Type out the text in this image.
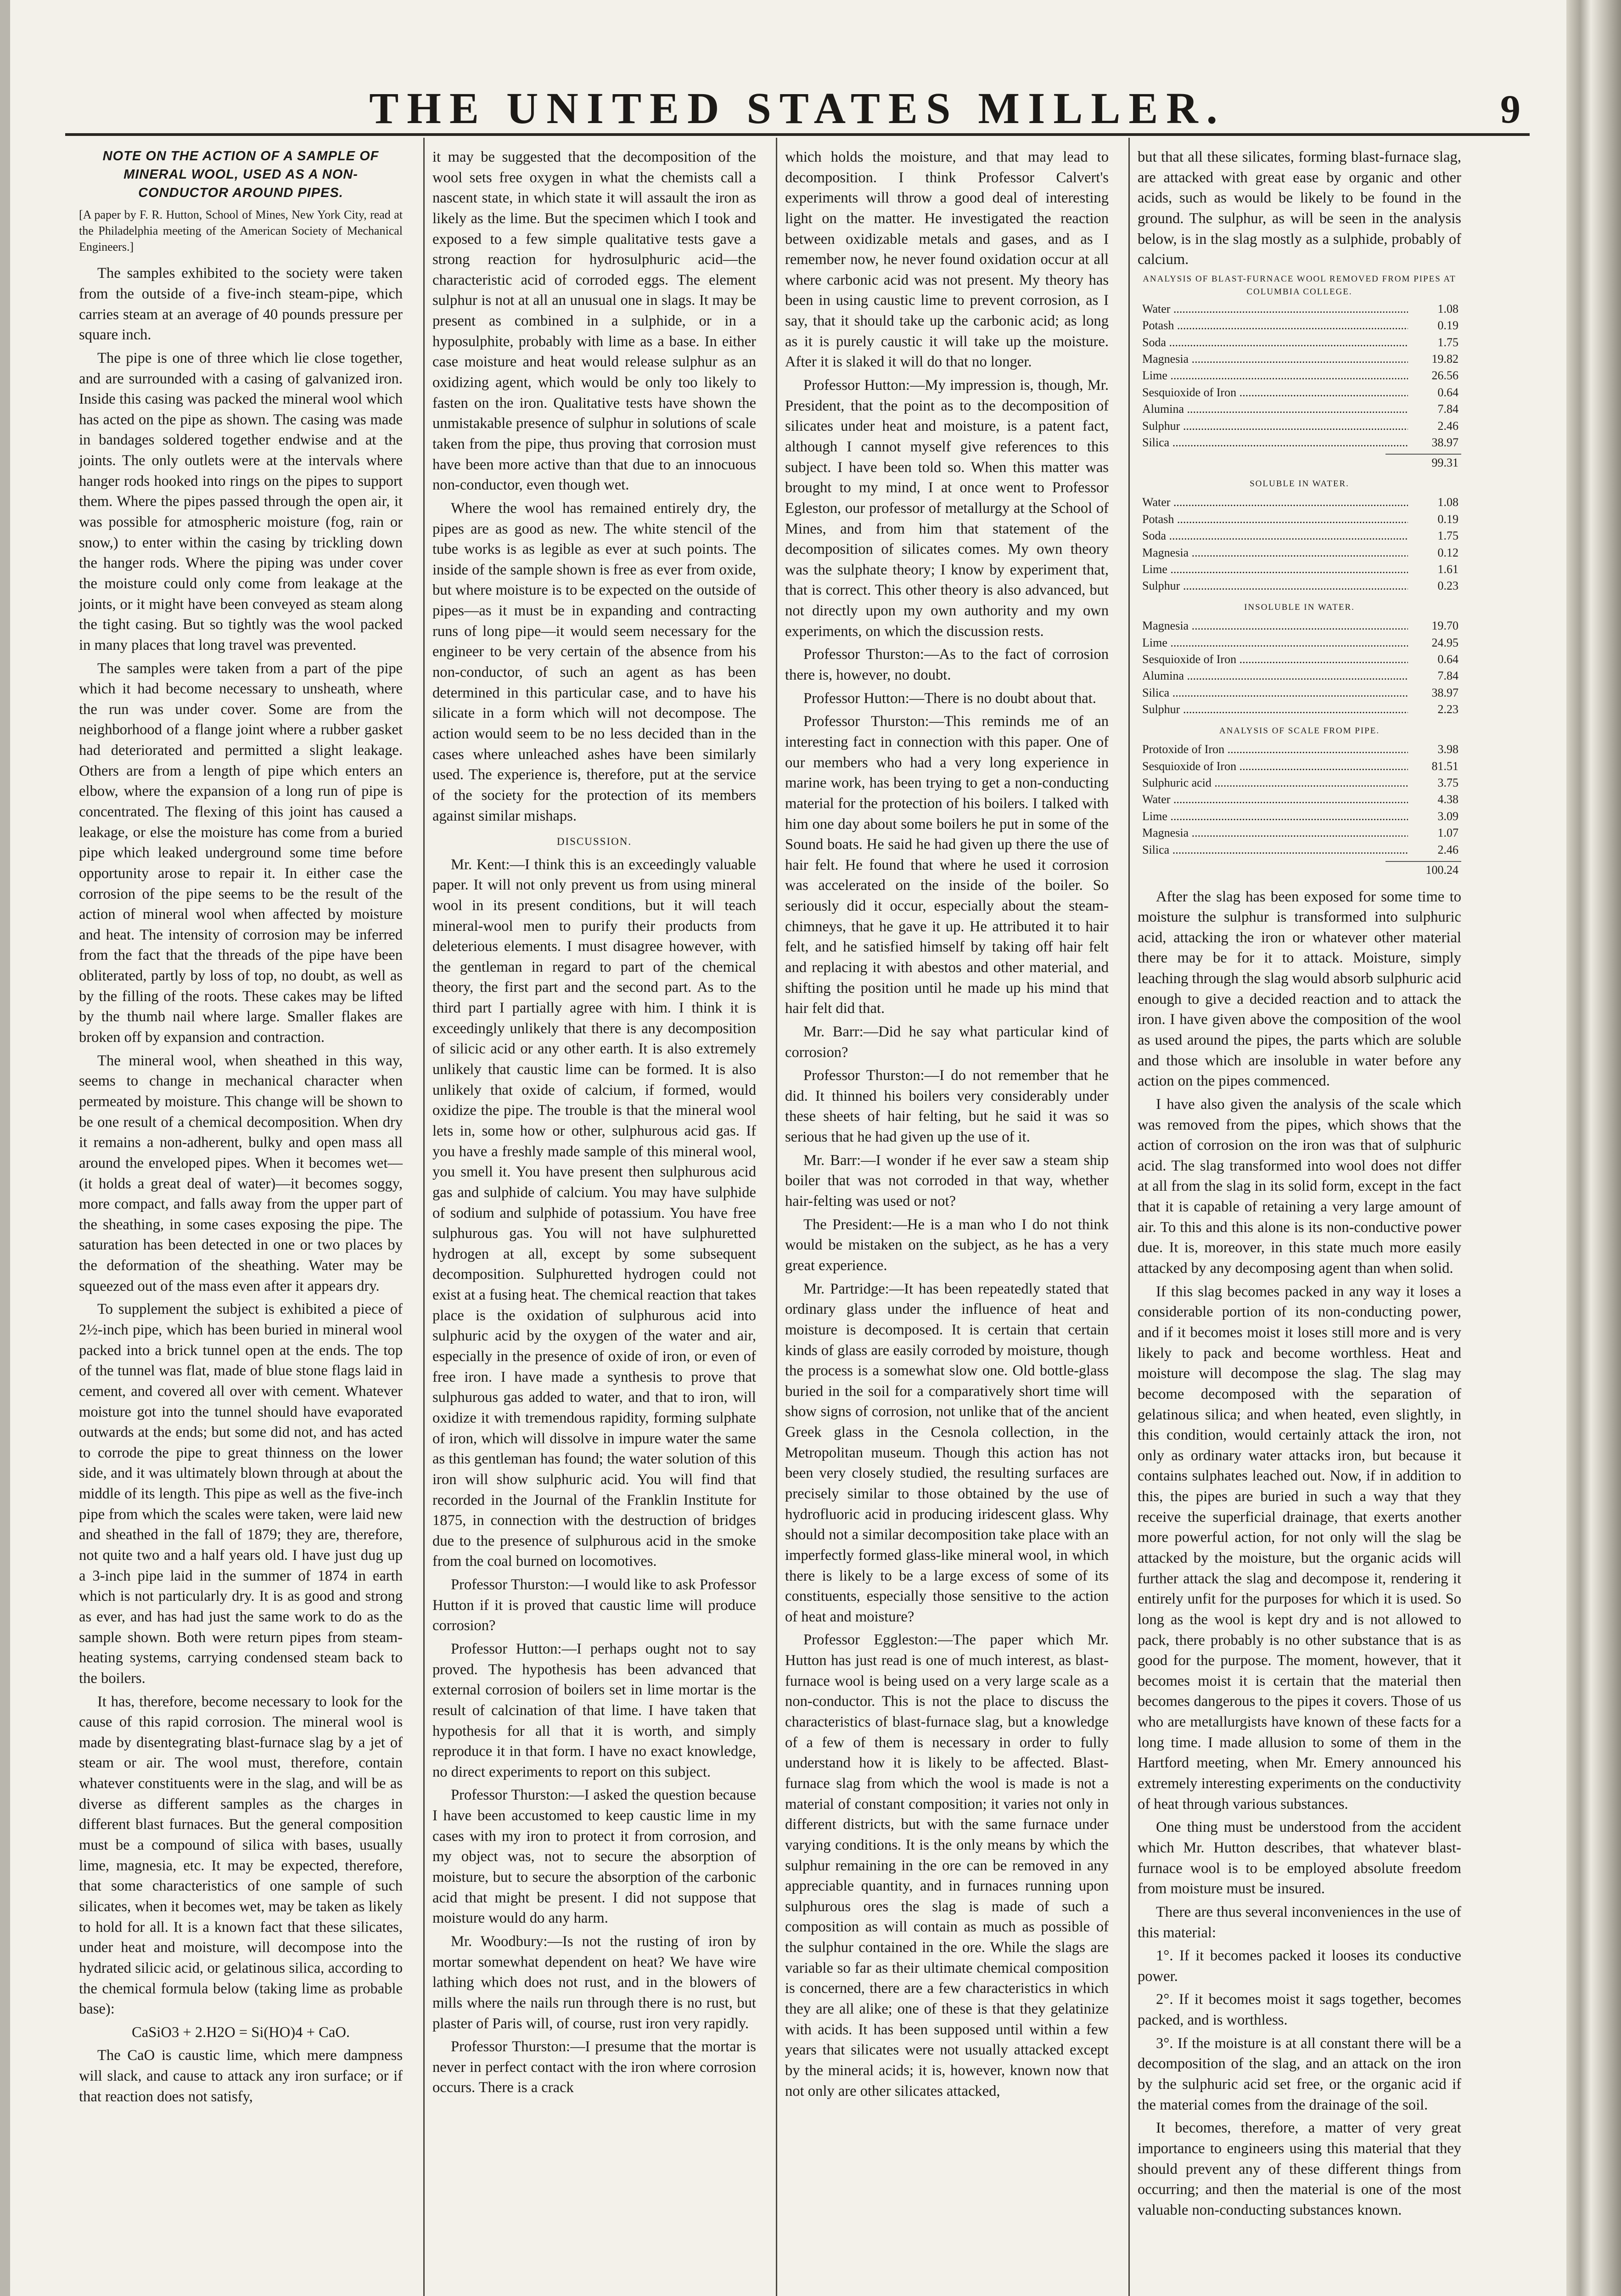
THE UNITED STATES MILLER.	9
NOTE ON THE ACTION OF A SAMPLE OF MINERAL WOOL, USED AS A NON-CONDUCTOR AROUND PIPES.
[A paper by F. R. Hutton, School of Mines, New York City, read at the Philadelphia meeting of the American Society of Mechanical Engineers.]

The samples exhibited to the society were taken from the outside of a five-inch steam-pipe, which carries steam at an average of 40 pounds pressure per square inch.

The pipe is one of three which lie close together, and are surrounded with a casing of galvanized iron. Inside this casing was packed the mineral wool which has acted on the pipe as shown. The casing was made in bandages soldered together endwise and at the joints. The only outlets were at the intervals where hanger rods hooked into rings on the pipes to support them. Where the pipes passed through the open air, it was possible for atmospheric moisture (fog, rain or snow,) to enter within the casing by trickling down the hanger rods. Where the piping was under cover the moisture could only come from leakage at the joints, or it might have been conveyed as steam along the tight casing. But so tightly was the wool packed in many places that long travel was prevented.

The samples were taken from a part of the pipe which it had become necessary to unsheath, where the run was under cover. Some are from the neighborhood of a flange joint where a rubber gasket had deteriorated and permitted a slight leakage. Others are from a length of pipe which enters an elbow, where the expansion of a long run of pipe is concentrated. The flexing of this joint has caused a leakage, or else the moisture has come from a buried pipe which leaked underground some time before opportunity arose to repair it. In either case the corrosion of the pipe seems to be the result of the action of mineral wool when affected by moisture and heat. The intensity of corrosion may be inferred from the fact that the threads of the pipe have been obliterated, partly by loss of top, no doubt, as well as by the filling of the roots. These cakes may be lifted by the thumb nail where large. Smaller flakes are broken off by expansion and contraction.

The mineral wool, when sheathed in this way, seems to change in mechanical character when permeated by moisture. This change will be shown to be one result of a chemical decomposition. When dry it remains a non-adherent, bulky and open mass all around the enveloped pipes. When it becomes wet—(it holds a great deal of water)—it becomes soggy, more compact, and falls away from the upper part of the sheathing, in some cases exposing the pipe. The saturation has been detected in one or two places by the deformation of the sheathing. Water may be squeezed out of the mass even after it appears dry.

To supplement the subject is exhibited a piece of 2½-inch pipe, which has been buried in mineral wool packed into a brick tunnel open at the ends. The top of the tunnel was flat, made of blue stone flags laid in cement, and covered all over with cement. Whatever moisture got into the tunnel should have evaporated outwards at the ends; but some did not, and has acted to corrode the pipe to great thinness on the lower side, and it was ultimately blown through at about the middle of its length. This pipe as well as the five-inch pipe from which the scales were taken, were laid new and sheathed in the fall of 1879; they are, therefore, not quite two and a half years old. I have just dug up a 3-inch pipe laid in the summer of 1874 in earth which is not particularly dry. It is as good and strong as ever, and has had just the same work to do as the sample shown. Both were return pipes from steam-heating systems, carrying condensed steam back to the boilers.

It has, therefore, become necessary to look for the cause of this rapid corrosion. The mineral wool is made by disentegrating blast-furnace slag by a jet of steam or air. The wool must, therefore, contain whatever constituents were in the slag, and will be as diverse as different samples as the charges in different blast furnaces. But the general composition must be a compound of silica with bases, usually lime, magnesia, etc. It may be expected, therefore, that some characteristics of one sample of such silicates, when it becomes wet, may be taken as likely to hold for all. It is a known fact that these silicates, under heat and moisture, will decompose into the hydrated silicic acid, or gelatinous silica, according to the chemical formula below (taking lime as probable base):

CaSiO3 + 2.H2O = Si(HO)4 + CaO.

The CaO is caustic lime, which mere dampness will slack, and cause to attack any iron surface; or if that reaction does not satisfy,

it may be suggested that the decomposition of the wool sets free oxygen in what the chemists call a nascent state, in which state it will assault the iron as likely as the lime. But the specimen which I took and exposed to a few simple qualitative tests gave a strong reaction for hydrosulphuric acid—the characteristic acid of corroded eggs. The element sulphur is not at all an unusual one in slags. It may be present as combined in a sulphide, or in a hyposulphite, probably with lime as a base. In either case moisture and heat would release sulphur as an oxidizing agent, which would be only too likely to fasten on the iron. Qualitative tests have shown the unmistakable presence of sulphur in solutions of scale taken from the pipe, thus proving that corrosion must have been more active than that due to an innocuous non-conductor, even though wet.

Where the wool has remained entirely dry, the pipes are as good as new. The white stencil of the tube works is as legible as ever at such points. The inside of the sample shown is free as ever from oxide, but where moisture is to be expected on the outside of pipes—as it must be in expanding and contracting runs of long pipe—it would seem necessary for the engineer to be very certain of the absence from his non-conductor, of such an agent as has been determined in this particular case, and to have his silicate in a form which will not decompose. The action would seem to be no less decided than in the cases where unleached ashes have been similarly used. The experience is, therefore, put at the service of the society for the protection of its members against similar mishaps.

DISCUSSION.

Mr. Kent:—I think this is an exceedingly valuable paper. It will not only prevent us from using mineral wool in its present conditions, but it will teach mineral-wool men to purify their products from deleterious elements. I must disagree however, with the gentleman in regard to part of the chemical theory, the first part and the second part. As to the third part I partially agree with him. I think it is exceedingly unlikely that there is any decomposition of silicic acid or any other earth. It is also extremely unlikely that caustic lime can be formed. It is also unlikely that oxide of calcium, if formed, would oxidize the pipe. The trouble is that the mineral wool lets in, some how or other, sulphurous acid gas. If you have a freshly made sample of this mineral wool, you smell it. You have present then sulphurous acid gas and sulphide of calcium. You may have sulphide of sodium and sulphide of potassium. You have free sulphurous gas. You will not have sulphuretted hydrogen at all, except by some subsequent decomposition. Sulphuretted hydrogen could not exist at a fusing heat. The chemical reaction that takes place is the oxidation of sulphurous acid into sulphuric acid by the oxygen of the water and air, especially in the presence of oxide of iron, or even of free iron. I have made a synthesis to prove that sulphurous gas added to water, and that to iron, will oxidize it with tremendous rapidity, forming sulphate of iron, which will dissolve in impure water the same as this gentleman has found; the water solution of this iron will show sulphuric acid. You will find that recorded in the Journal of the Franklin Institute for 1875, in connection with the destruction of bridges due to the presence of sulphurous acid in the smoke from the coal burned on locomotives.

Professor Thurston:—I would like to ask Professor Hutton if it is proved that caustic lime will produce corrosion?

Professor Hutton:—I perhaps ought not to say proved. The hypothesis has been advanced that external corrosion of boilers set in lime mortar is the result of calcination of that lime. I have taken that hypothesis for all that it is worth, and simply reproduce it in that form. I have no exact knowledge, no direct experiments to report on this subject.

Professor Thurston:—I asked the question because I have been accustomed to keep caustic lime in my cases with my iron to protect it from corrosion, and my object was, not to secure the absorption of moisture, but to secure the absorption of the carbonic acid that might be present. I did not suppose that moisture would do any harm.

Mr. Woodbury:—Is not the rusting of iron by mortar somewhat dependent on heat? We have wire lathing which does not rust, and in the blowers of mills where the nails run through there is no rust, but plaster of Paris will, of course, rust iron very rapidly.

Professor Thurston:—I presume that the mortar is never in perfect contact with the iron where corrosion occurs. There is a crack

which holds the moisture, and that may lead to decomposition. I think Professor Calvert's experiments will throw a good deal of interesting light on the matter. He investigated the reaction between oxidizable metals and gases, and as I remember now, he never found oxidation occur at all where carbonic acid was not present. My theory has been in using caustic lime to prevent corrosion, as I say, that it should take up the carbonic acid; as long as it is purely caustic it will take up the moisture. After it is slaked it will do that no longer.

Professor Hutton:—My impression is, though, Mr. President, that the point as to the decomposition of silicates under heat and moisture, is a patent fact, although I cannot myself give references to this subject. I have been told so. When this matter was brought to my mind, I at once went to Professor Egleston, our professor of metallurgy at the School of Mines, and from him that statement of the decomposition of silicates comes. My own theory was the sulphate theory; I know by experiment that, that is correct. This other theory is also advanced, but not directly upon my own authority and my own experiments, on which the discussion rests.

Professor Thurston:—As to the fact of corrosion there is, however, no doubt.

Professor Hutton:—There is no doubt about that.

Professor Thurston:—This reminds me of an interesting fact in connection with this paper. One of our members who had a very long experience in marine work, has been trying to get a non-conducting material for the protection of his boilers. I talked with him one day about some boilers he put in some of the Sound boats. He said he had given up there the use of hair felt. He found that where he used it corrosion was accelerated on the inside of the boiler. So seriously did it occur, especially about the steam-chimneys, that he gave it up. He attributed it to hair felt, and he satisfied himself by taking off hair felt and replacing it with abestos and other material, and shifting the position until he made up his mind that hair felt did that.

Mr. Barr:—Did he say what particular kind of corrosion?

Professor Thurston:—I do not remember that he did. It thinned his boilers very considerably under these sheets of hair felting, but he said it was so serious that he had given up the use of it.

Mr. Barr:—I wonder if he ever saw a steam ship boiler that was not corroded in that way, whether hair-felting was used or not?

The President:—He is a man who I do not think would be mistaken on the subject, as he has a very great experience.

Mr. Partridge:—It has been repeatedly stated that ordinary glass under the influence of heat and moisture is decomposed. It is certain that certain kinds of glass are easily corroded by moisture, though the process is a somewhat slow one. Old bottle-glass buried in the soil for a comparatively short time will show signs of corrosion, not unlike that of the ancient Greek glass in the Cesnola collection, in the Metropolitan museum. Though this action has not been very closely studied, the resulting surfaces are precisely similar to those obtained by the use of hydrofluoric acid in producing iridescent glass. Why should not a similar decomposition take place with an imperfectly formed glass-like mineral wool, in which there is likely to be a large excess of some of its constituents, especially those sensitive to the action of heat and moisture?

Professor Eggleston:—The paper which Mr. Hutton has just read is one of much interest, as blast-furnace wool is being used on a very large scale as a non-conductor. This is not the place to discuss the characteristics of blast-furnace slag, but a knowledge of a few of them is necessary in order to fully understand how it is likely to be affected. Blast-furnace slag from which the wool is made is not a material of constant composition; it varies not only in different districts, but with the same furnace under varying conditions. It is the only means by which the sulphur remaining in the ore can be removed in any appreciable quantity, and in furnaces running upon sulphurous ores the slag is made of such a composition as will contain as much as possible of the sulphur contained in the ore. While the slags are variable so far as their ultimate chemical composition is concerned, there are a few characteristics in which they are all alike; one of these is that they gelatinize with acids. It has been supposed until within a few years that silicates were not usually attacked except by the mineral acids; it is, however, known now that not only are other silicates attacked,

but that all these silicates, forming blast-furnace slag, are attacked with great ease by organic and other acids, such as would be likely to be found in the ground. The sulphur, as will be seen in the analysis below, is in the slag mostly as a sulphide, probably of calcium.

ANALYSIS OF BLAST-FURNACE WOOL REMOVED FROM PIPES AT COLUMBIA COLLEGE.
Water .....	1.08
Potash .....	0.19
Soda .....	1.75
Magnesia .....	19.82
Lime .....	26.56
Sesquioxide of Iron .....	0.64
Alumina .....	7.84
Sulphur .....	2.46
Silica .....	38.97
99.31
SOLUBLE IN WATER.
Water .....	1.08
Potash .....	0.19
Soda .....	1.75
Magnesia .....	0.12
Lime .....	1.61
Sulphur .....	0.23
INSOLUBLE IN WATER.
Magnesia .....	19.70
Lime .....	24.95
Sesquioxide of Iron .....	0.64
Alumina .....	7.84
Silica .....	38.97
Sulphur .....	2.23
ANALYSIS OF SCALE FROM PIPE.
Protoxide of Iron .....	3.98
Sesquioxide of Iron .....	81.51
Sulphuric acid .....	3.75
Water .....	4.38
Lime .....	3.09
Magnesia .....	1.07
Silica .....	2.46
100.24

After the slag has been exposed for some time to moisture the sulphur is transformed into sulphuric acid, attacking the iron or whatever other material there may be for it to attack. Moisture, simply leaching through the slag would absorb sulphuric acid enough to give a decided reaction and to attack the iron. I have given above the composition of the wool as used around the pipes, the parts which are soluble and those which are insoluble in water before any action on the pipes commenced.

I have also given the analysis of the scale which was removed from the pipes, which shows that the action of corrosion on the iron was that of sulphuric acid. The slag transformed into wool does not differ at all from the slag in its solid form, except in the fact that it is capable of retaining a very large amount of air. To this and this alone is its non-conductive power due. It is, moreover, in this state much more easily attacked by any decomposing agent than when solid.

If this slag becomes packed in any way it loses a considerable portion of its non-conducting power, and if it becomes moist it loses still more and is very likely to pack and become worthless. Heat and moisture will decompose the slag. The slag may become decomposed with the separation of gelatinous silica; and when heated, even slightly, in this condition, would certainly attack the iron, not only as ordinary water attacks iron, but because it contains sulphates leached out. Now, if in addition to this, the pipes are buried in such a way that they receive the superficial drainage, that exerts another more powerful action, for not only will the slag be attacked by the moisture, but the organic acids will further attack the slag and decompose it, rendering it entirely unfit for the purposes for which it is used. So long as the wool is kept dry and is not allowed to pack, there probably is no other substance that is as good for the purpose. The moment, however, that it becomes moist it is certain that the material then becomes dangerous to the pipes it covers. Those of us who are metallurgists have known of these facts for a long time. I made allusion to some of them in the Hartford meeting, when Mr. Emery announced his extremely interesting experiments on the conductivity of heat through various substances.

One thing must be understood from the accident which Mr. Hutton describes, that whatever blast-furnace wool is to be employed absolute freedom from moisture must be insured.

There are thus several inconveniences in the use of this material:

1°. If it becomes packed it looses its conductive power.

2°. If it becomes moist it sags together, becomes packed, and is worthless.

3°. If the moisture is at all constant there will be a decomposition of the slag, and an attack on the iron by the sulphuric acid set free, or the organic acid if the material comes from the drainage of the soil.

It becomes, therefore, a matter of very great importance to engineers using this material that they should prevent any of these different things from occurring; and then the material is one of the most valuable non-conducting substances known.
